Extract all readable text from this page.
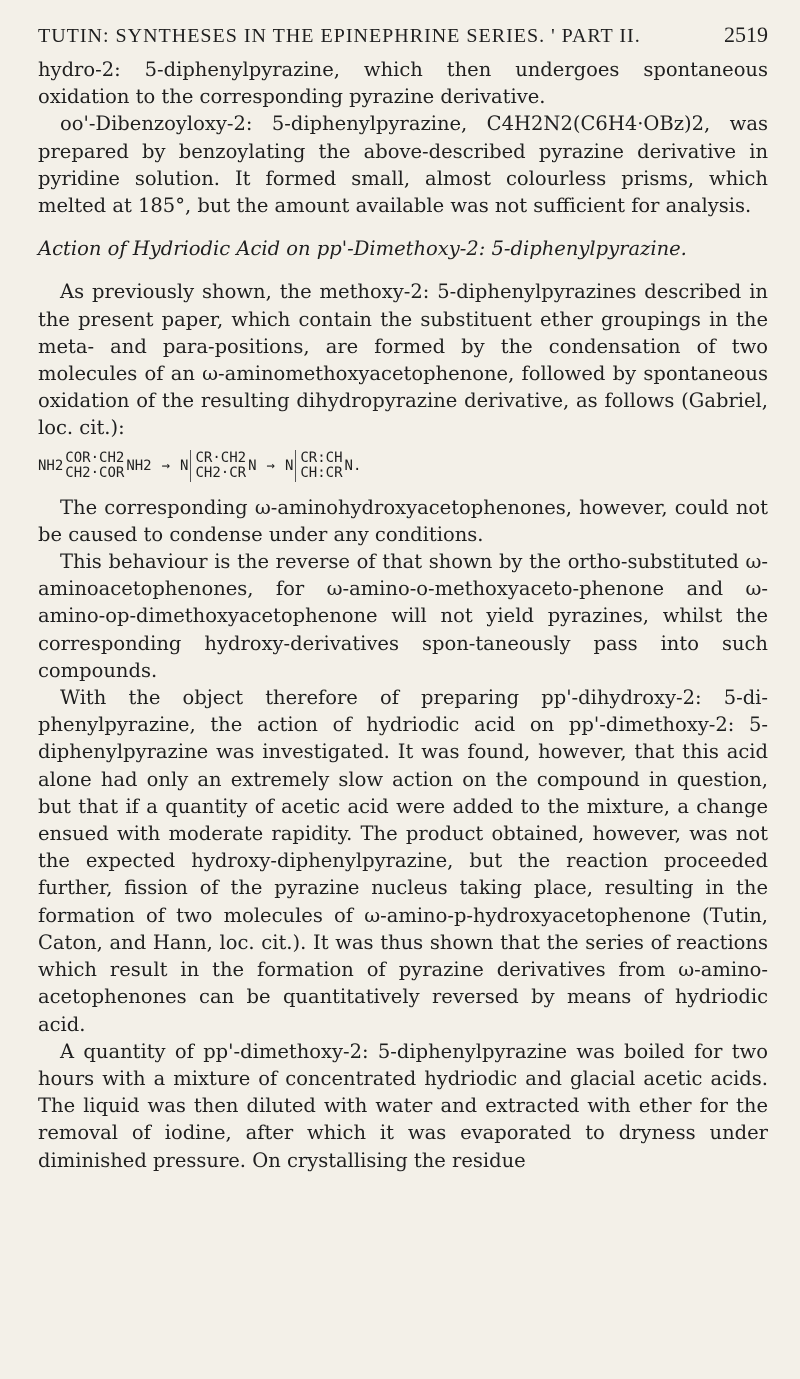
TUTIN: SYNTHESES IN THE EPINEPHRINE SERIES. ' PART II.	2519

hydro-2: 5-diphenylpyrazine, which then undergoes spontaneous oxidation to the corresponding pyrazine derivative.

oo'-Dibenzoyloxy-2: 5-diphenylpyrazine, C4H2N2(C6H4·OBz)2, was prepared by benzoylating the above-described pyrazine derivative in pyridine solution. It formed small, almost colourless prisms, which melted at 185°, but the amount available was not sufficient for analysis.

Action of Hydriodic Acid on pp'-Dimethoxy-2: 5-diphenylpyrazine.

As previously shown, the methoxy-2: 5-diphenylpyrazines described in the present paper, which contain the substituent ether groupings in the meta- and para-positions, are formed by the condensation of two molecules of an ω-aminomethoxyacetophenone, followed by spontaneous oxidation of the resulting dihydropyrazine derivative, as follows (Gabriel, loc. cit.):

NH2 COR·CH2
CH2·COR NH2 → N CR·CH2
CH2·CR N → N CR:CH
CH:CR N.

The corresponding ω-aminohydroxyacetophenones, however, could not be caused to condense under any conditions.

This behaviour is the reverse of that shown by the ortho-substituted ω-aminoacetophenones, for ω-amino-o-methoxyaceto-phenone and ω-amino-op-dimethoxyacetophenone will not yield pyrazines, whilst the corresponding hydroxy-derivatives spon-taneously pass into such compounds.

With the object therefore of preparing pp'-dihydroxy-2: 5-di-phenylpyrazine, the action of hydriodic acid on pp'-dimethoxy-2: 5-diphenylpyrazine was investigated. It was found, however, that this acid alone had only an extremely slow action on the compound in question, but that if a quantity of acetic acid were added to the mixture, a change ensued with moderate rapidity. The product obtained, however, was not the expected hydroxy-diphenylpyrazine, but the reaction proceeded further, fission of the pyrazine nucleus taking place, resulting in the formation of two molecules of ω-amino-p-hydroxyacetophenone (Tutin, Caton, and Hann, loc. cit.). It was thus shown that the series of reactions which result in the formation of pyrazine derivatives from ω-amino-acetophenones can be quantitatively reversed by means of hydriodic acid.

A quantity of pp'-dimethoxy-2: 5-diphenylpyrazine was boiled for two hours with a mixture of concentrated hydriodic and glacial acetic acids. The liquid was then diluted with water and extracted with ether for the removal of iodine, after which it was evaporated to dryness under diminished pressure. On crystallising the residue
